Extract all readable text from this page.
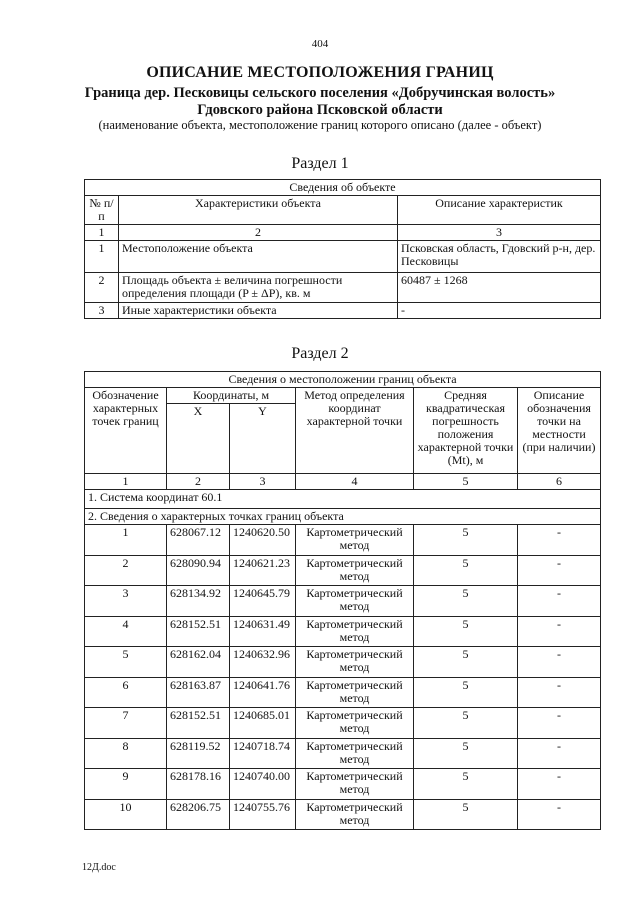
404
ОПИСАНИЕ МЕСТОПОЛОЖЕНИЯ ГРАНИЦ
Граница дер. Песковицы сельского поселения «Добручинская волость»
Гдовского района Псковской области
(наименование объекта, местоположение границ которого описано (далее - объект)
Раздел 1
Сведения об объекте		
№ п/п	Характеристики объекта	Описание характеристик
1	2	3
1	Местоположение объекта	Псковская область, Гдовский р-н, дер. Песковицы
2	Площадь объекта ± величина погрешности определения площади (P ± ΔP), кв. м	60487 ± 1268
3	Иные характеристики объекта	-
Раздел 2
Сведения о местоположении границ объекта					
Обозначение характерных точек границ	Координаты, м		Метод определения координат характерной точки	Средняя квадратическая погрешность положения характерной точки (Mt), м	Описание обозначения точки на местности (при наличии)
	X	Y			
1	2	3	4	5	6
1. Система координат 60.1					
2. Сведения о характерных точках границ объекта					
1	628067.12	1240620.50	Картометрический метод	5	-
2	628090.94	1240621.23	Картометрический метод	5	-
3	628134.92	1240645.79	Картометрический метод	5	-
4	628152.51	1240631.49	Картометрический метод	5	-
5	628162.04	1240632.96	Картометрический метод	5	-
6	628163.87	1240641.76	Картометрический метод	5	-
7	628152.51	1240685.01	Картометрический метод	5	-
8	628119.52	1240718.74	Картометрический метод	5	-
9	628178.16	1240740.00	Картометрический метод	5	-
10	628206.75	1240755.76	Картометрический метод	5	-
12Д.doc
